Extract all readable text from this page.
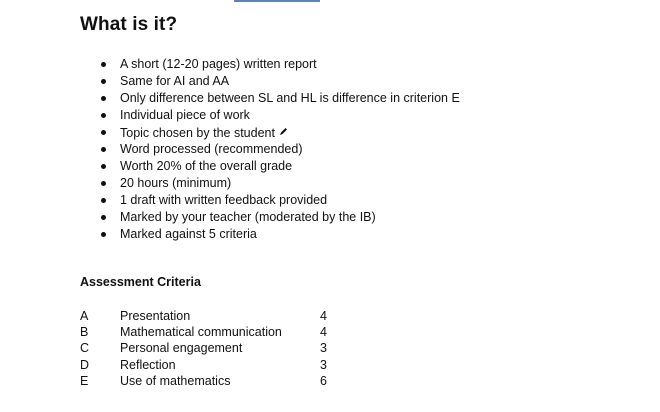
What is it?
A short (12-20 pages) written report
Same for AI and AA
Only difference between SL and HL is difference in criterion E
Individual piece of work
Topic chosen by the student
Word processed (recommended)
Worth 20% of the overall grade
20 hours (minimum)
1 draft with written feedback provided
Marked by your teacher (moderated by the IB)
Marked against 5 criteria
Assessment Criteria
A	Presentation	4
B	Mathematical communication	4
C	Personal engagement	3
D	Reflection	3
E	Use of mathematics	6
